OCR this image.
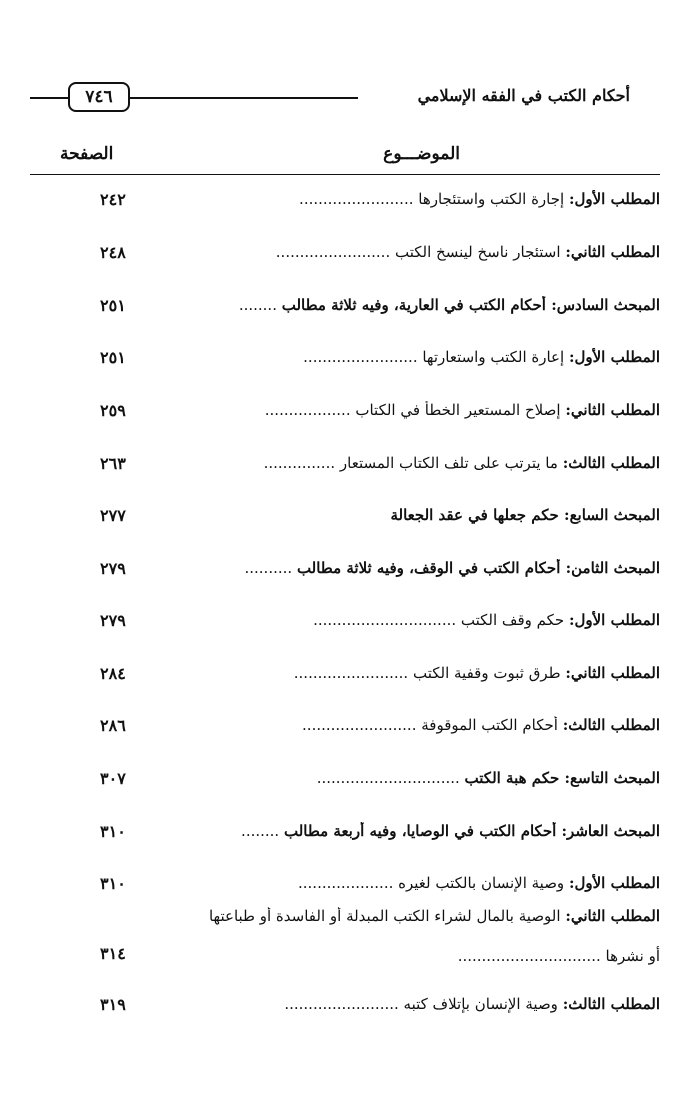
أحكام الكتب في الفقه الإسلامي
٧٤٦
الموضـــوع
الصفحة
المطلب الأول: إجارة الكتب واستئجارها ........................
٢٤٢
المطلب الثاني: استئجار ناسخ لينسخ الكتب ........................
٢٤٨
المبحث السادس: أحكام الكتب في العارية، وفيه ثلاثة مطالب ........
٢٥١
المطلب الأول: إعارة الكتب واستعارتها ........................
٢٥١
المطلب الثاني: إصلاح المستعير الخطأ في الكتاب ..................
٢٥٩
المطلب الثالث: ما يترتب على تلف الكتاب المستعار ...............
٢٦٣
المبحث السابع: حكم جعلها في عقد الجعالة
٢٧٧
المبحث الثامن: أحكام الكتب في الوقف، وفيه ثلاثة مطالب ..........
٢٧٩
المطلب الأول: حكم وقف الكتب ..............................
٢٧٩
المطلب الثاني: طرق ثبوت وقفية الكتب ........................
٢٨٤
المطلب الثالث: أحكام الكتب الموقوفة ........................
٢٨٦
المبحث التاسع: حكم هبة الكتب ..............................
٣٠٧
المبحث العاشر: أحكام الكتب في الوصايا، وفيه أربعة مطالب ........
٣١٠
المطلب الأول: وصية الإنسان بالكتب لغيره ....................
٣١٠
المطلب الثاني: الوصية بالمال لشراء الكتب المبدلة أو الفاسدة أو طباعتها
أو نشرها ..............................
٣١٤
المطلب الثالث: وصية الإنسان بإتلاف كتبه ........................
٣١٩
